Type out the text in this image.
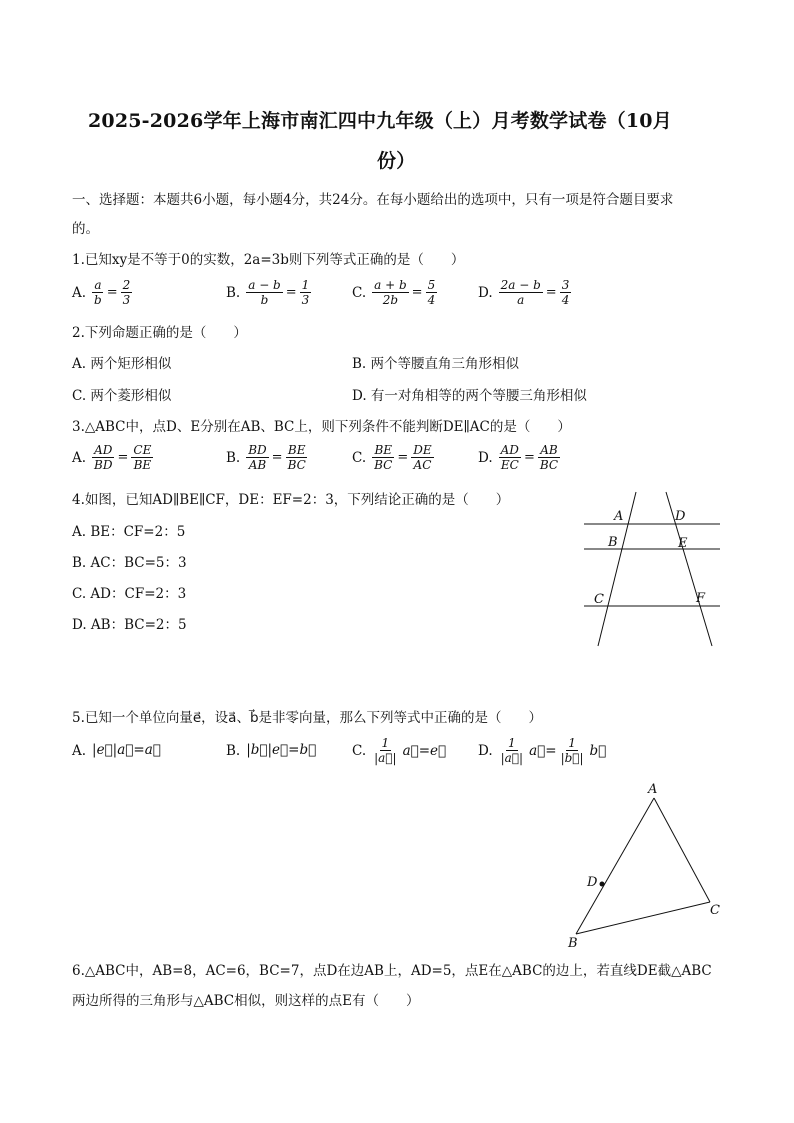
2025-2026学年上海市南汇四中九年级（上）月考数学试卷（10月
份）
一、选择题：本题共6小题，每小题4分，共24分。在每小题给出的选项中，只有一项是符合题目要求
的。
1.已知xy是不等于0的实数，2a=3b则下列等式正确的是（　　）
A. $\frac{a}{b} = \frac{2}{3}$	B. $\frac{a - b}{b} = \frac{1}{3}$	C. $\frac{a + b}{2b} = \frac{5}{4}$	D. $\frac{2a - b}{a} = \frac{3}{4}$
2.下列命题正确的是（　　）
A. 两个矩形相似	B. 两个等腰直角三角形相似
C. 两个菱形相似	D. 有一对角相等的两个等腰三角形相似
3.△ABC中，点D、E分别在AB、BC上，则下列条件不能判断DE∥AC的是（　　）
A. $\frac{AD}{BD} = \frac{CE}{BE}$	B. $\frac{BD}{AB} = \frac{BE}{BC}$	C. $\frac{BE}{BC} = \frac{DE}{AC}$	D. $\frac{AD}{EC} = \frac{AB}{BC}$
4.如图，已知AD∥BE∥CF，DE：EF=2：3，下列结论正确的是（　　）
A. BE：CF=2：5
B. AC：BC=5：3
C. AD：CF=2：3
D. AB：BC=2：5
A	D
B	E
C	F
5.已知一个单位向量e⃗，设a⃗、b⃗是非零向量，那么下列等式中正确的是（　　）
A. |e⃗|a⃗=a⃗	B. |b⃗|e⃗=b⃗	C. $\frac{1}{|a⃗|}$ a⃗=e⃗ D. $\frac{1}{|a⃗|}$ a⃗= $\frac{1}{|b⃗|}$ b⃗
A
B
C
D
6.△ABC中，AB=8，AC=6，BC=7，点D在边AB上，AD=5，点E在△ABC的边上，若直线DE截△ABC
两边所得的三角形与△ABC相似，则这样的点E有（　　）
